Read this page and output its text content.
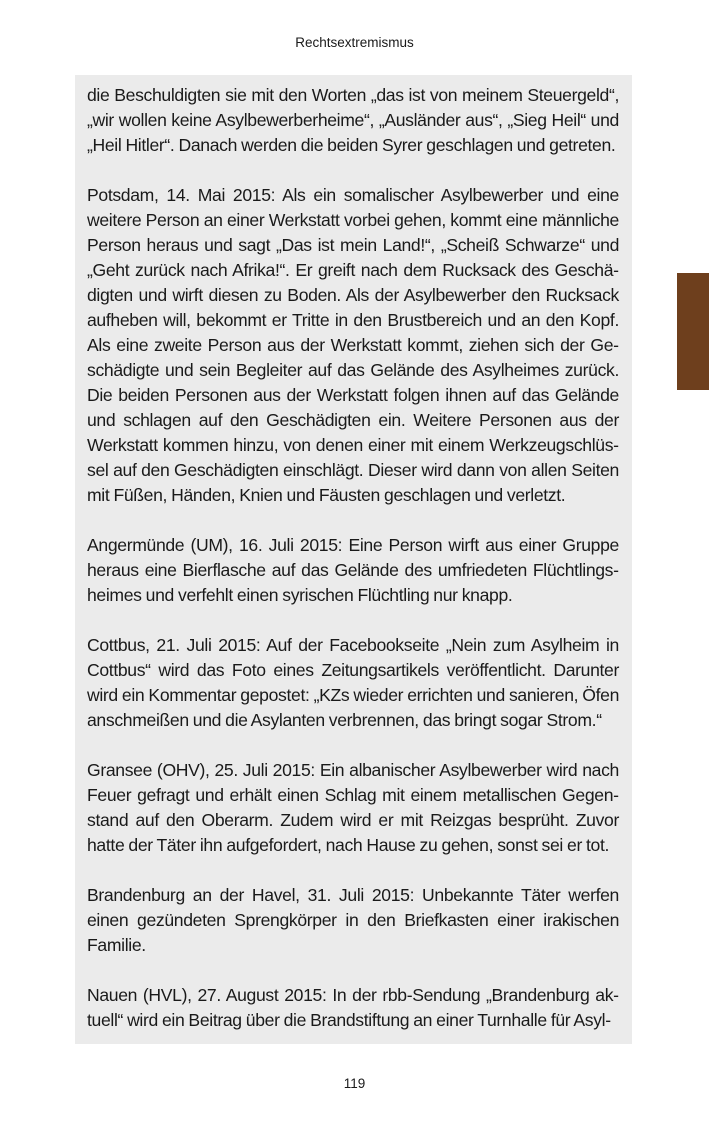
Rechtsextremismus

die Beschuldigten sie mit den Worten „das ist von meinem Steuergeld“, „wir wollen keine Asylbewerberheime“, „Ausländer aus“, „Sieg Heil“ und „Heil Hitler“. Danach werden die beiden Syrer geschlagen und getreten.

Potsdam, 14. Mai 2015: Als ein somalischer Asylbewerber und eine weitere Person an einer Werkstatt vorbei gehen, kommt eine männliche Person heraus und sagt „Das ist mein Land!“, „Scheiß Schwarze“ und „Geht zurück nach Afrika!“. Er greift nach dem Rucksack des Geschädigten und wirft diesen zu Boden. Als der Asylbewerber den Rucksack aufheben will, bekommt er Tritte in den Brustbereich und an den Kopf. Als eine zweite Person aus der Werkstatt kommt, ziehen sich der Geschädigte und sein Begleiter auf das Gelände des Asylheimes zurück. Die beiden Personen aus der Werkstatt folgen ihnen auf das Gelände und schlagen auf den Geschädigten ein. Weitere Personen aus der Werkstatt kommen hinzu, von denen einer mit einem Werkzeugschlüssel auf den Geschädigten einschlägt. Dieser wird dann von allen Seiten mit Füßen, Händen, Knien und Fäusten geschlagen und verletzt.

Angermünde (UM), 16. Juli 2015: Eine Person wirft aus einer Gruppe heraus eine Bierflasche auf das Gelände des umfriedeten Flüchtlingsheimes und verfehlt einen syrischen Flüchtling nur knapp.

Cottbus, 21. Juli 2015: Auf der Facebookseite „Nein zum Asylheim in Cottbus“ wird das Foto eines Zeitungsartikels veröffentlicht. Darunter wird ein Kommentar gepostet: „KZs wieder errichten und sanieren, Öfen anschmeißen und die Asylanten verbrennen, das bringt sogar Strom.“

Gransee (OHV), 25. Juli 2015: Ein albanischer Asylbewerber wird nach Feuer gefragt und erhält einen Schlag mit einem metallischen Gegenstand auf den Oberarm. Zudem wird er mit Reizgas besprüht. Zuvor hatte der Täter ihn aufgefordert, nach Hause zu gehen, sonst sei er tot.

Brandenburg an der Havel, 31. Juli 2015: Unbekannte Täter werfen einen gezündeten Sprengkörper in den Briefkasten einer irakischen Familie.

Nauen (HVL), 27. August 2015: In der rbb-Sendung „Brandenburg aktuell“ wird ein Beitrag über die Brandstiftung an einer Turnhalle für Asyl-

119
